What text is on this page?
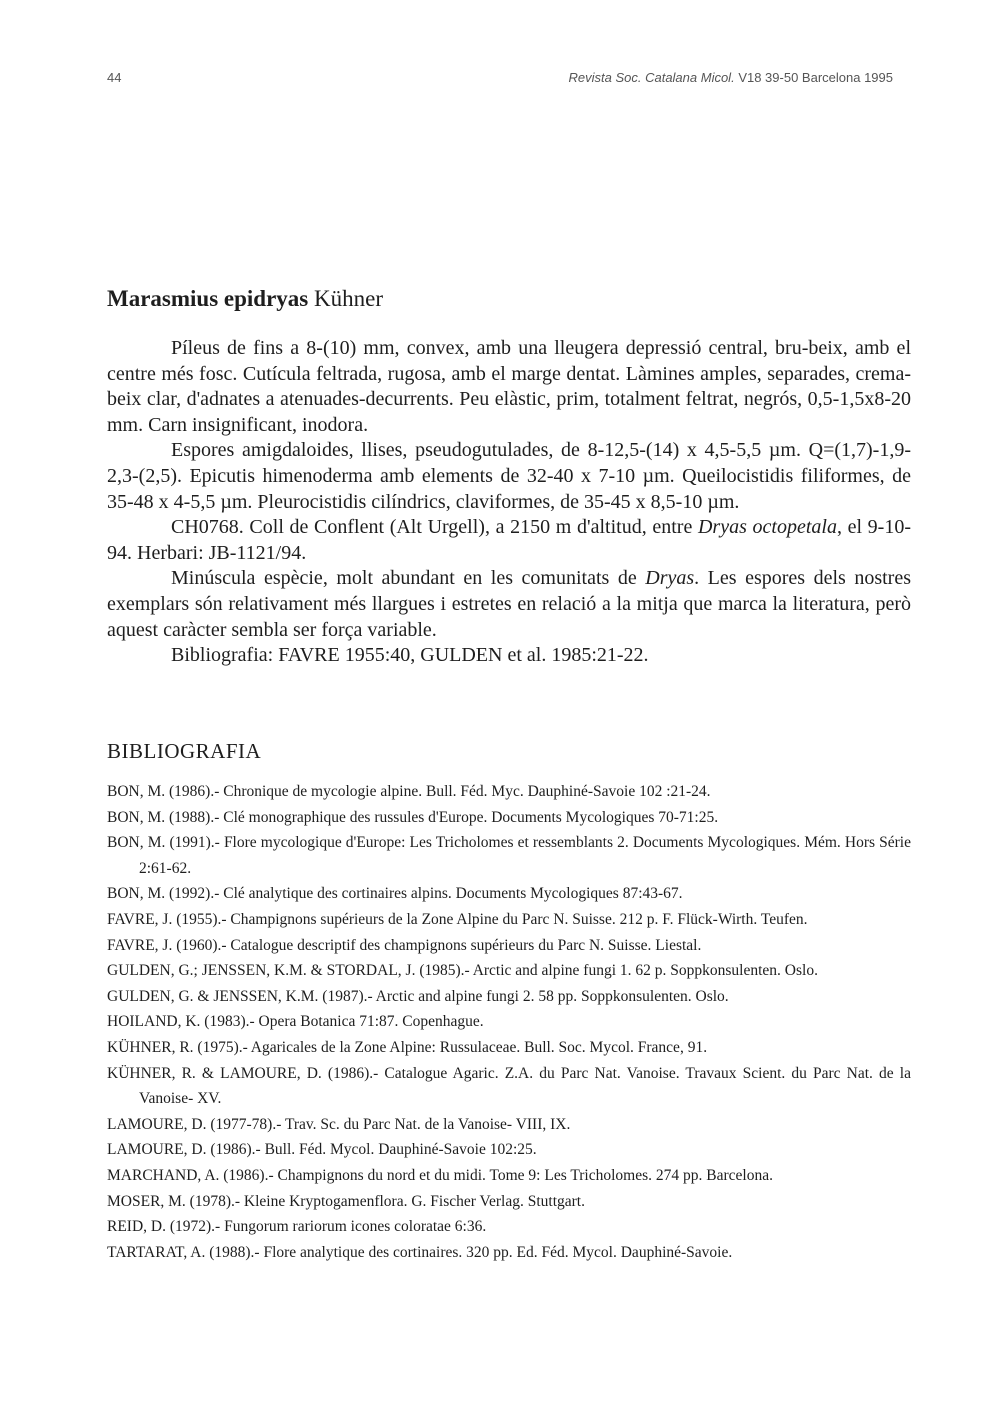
44	Revista Soc. Catalana Micol. V18 39-50 Barcelona 1995
Marasmius epidryas Kühner

Píleus de fins a 8-(10) mm, convex, amb una lleugera depressió central, bru-beix, amb el centre més fosc. Cutícula feltrada, rugosa, amb el marge dentat. Làmines amples, separades, crema-beix clar, d'adnates a atenuades-decurrents. Peu elàstic, prim, totalment feltrat, negrós, 0,5-1,5x8-20 mm. Carn insignificant, inodora.

Espores amigdaloides, llises, pseudogutulades, de 8-12,5-(14) x 4,5-5,5 µm. Q=(1,7)-1,9-2,3-(2,5). Epicutis himenoderma amb elements de 32-40 x 7-10 µm. Queilocistidis filiformes, de 35-48 x 4-5,5 µm. Pleurocistidis cilíndrics, claviformes, de 35-45 x 8,5-10 µm.

CH0768. Coll de Conflent (Alt Urgell), a 2150 m d'altitud, entre Dryas octopetala, el 9-10-94. Herbari: JB-1121/94.

Minúscula espècie, molt abundant en les comunitats de Dryas. Les espores dels nostres exemplars són relativament més llargues i estretes en relació a la mitja que marca la literatura, però aquest caràcter sembla ser força variable.

Bibliografia: FAVRE 1955:40, GULDEN et al. 1985:21-22.

BIBLIOGRAFIA
BON, M. (1986).- Chronique de mycologie alpine. Bull. Féd. Myc. Dauphiné-Savoie 102 :21-24.
BON, M. (1988).- Clé monographique des russules d'Europe. Documents Mycologiques 70-71:25.
BON, M. (1991).- Flore mycologique d'Europe: Les Tricholomes et ressemblants 2. Documents Mycologiques. Mém. Hors Série 2:61-62.
BON, M. (1992).- Clé analytique des cortinaires alpins. Documents Mycologiques 87:43-67.
FAVRE, J. (1955).- Champignons supérieurs de la Zone Alpine du Parc N. Suisse. 212 p. F. Flück-Wirth. Teufen.
FAVRE, J. (1960).- Catalogue descriptif des champignons supérieurs du Parc N. Suisse. Liestal.
GULDEN, G.; JENSSEN, K.M. & STORDAL, J. (1985).- Arctic and alpine fungi 1. 62 p. Soppkonsulenten. Oslo.
GULDEN, G. & JENSSEN, K.M. (1987).- Arctic and alpine fungi 2. 58 pp. Soppkonsulenten. Oslo.
HOILAND, K. (1983).- Opera Botanica 71:87. Copenhague.
KÜHNER, R. (1975).- Agaricales de la Zone Alpine: Russulaceae. Bull. Soc. Mycol. France, 91.
KÜHNER, R. & LAMOURE, D. (1986).- Catalogue Agaric. Z.A. du Parc Nat. Vanoise. Travaux Scient. du Parc Nat. de la Vanoise- XV.
LAMOURE, D. (1977-78).- Trav. Sc. du Parc Nat. de la Vanoise- VIII, IX.
LAMOURE, D. (1986).- Bull. Féd. Mycol. Dauphiné-Savoie 102:25.
MARCHAND, A. (1986).- Champignons du nord et du midi. Tome 9: Les Tricholomes. 274 pp. Barcelona.
MOSER, M. (1978).- Kleine Kryptogamenflora. G. Fischer Verlag. Stuttgart.
REID, D. (1972).- Fungorum rariorum icones coloratae 6:36.
TARTARAT, A. (1988).- Flore analytique des cortinaires. 320 pp. Ed. Féd. Mycol. Dauphiné-Savoie.
